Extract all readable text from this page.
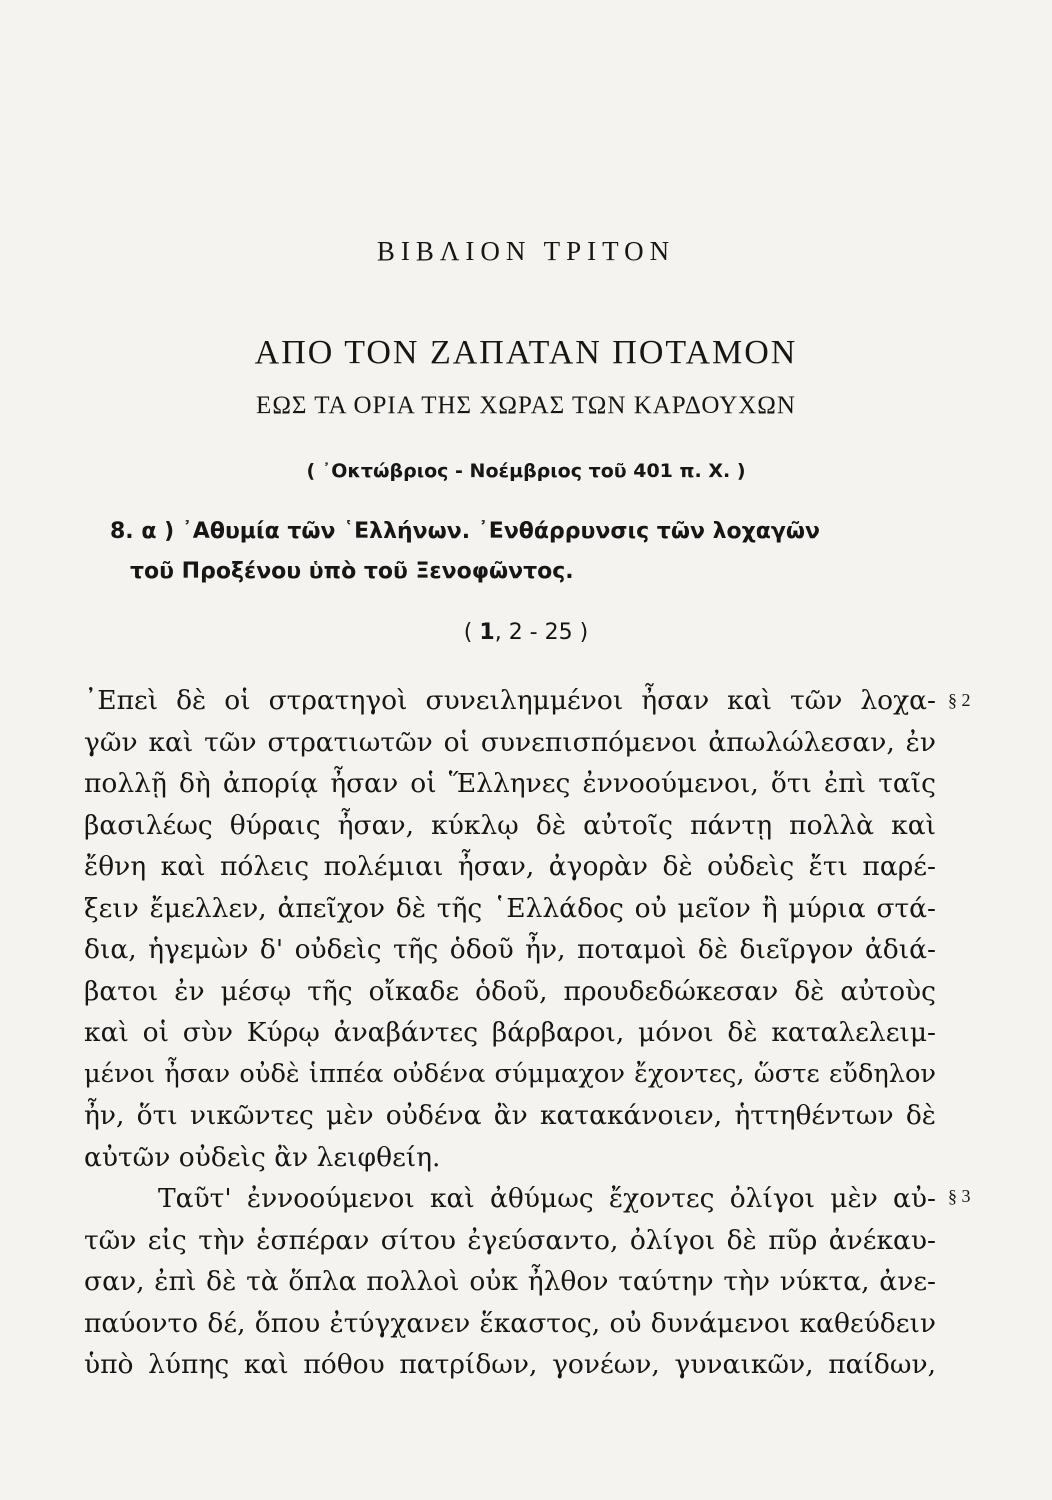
ΒΙΒΛΙΟΝ ΤΡΙΤΟΝ
ΑΠΟ ΤΟΝ ΖΑΠΑΤΑΝ ΠΟΤΑΜΟΝ
ΕΩΣ ΤΑ ΟΡΙΑ ΤΗΣ ΧΩΡΑΣ ΤΩΝ ΚΑΡΔΟΥΧΩΝ
( ᾿Οκτώβριος - Νοέμβριος τοῦ 401 π. Χ. )
8. α ) ᾿Αθυμία τῶν ῾Ελλήνων. ᾿Ενθάρρυνσις τῶν λοχαγῶν
τοῦ Προξένου ὑπὸ τοῦ Ξενοφῶντος.
( 1, 2 - 25 )
᾿Επεὶ δὲ οἱ στρατηγοὶ συνειλημμένοι ἦσαν καὶ τῶν λοχα-
γῶν καὶ τῶν στρατιωτῶν οἱ συνεπισπόμενοι ἀπωλώλεσαν, ἐν
πολλῇ δὴ ἀπορίᾳ ἦσαν οἱ Ἕλληνες ἐννοούμενοι, ὅτι ἐπὶ ταῖς
βασιλέως θύραις ἦσαν, κύκλῳ δὲ αὐτοῖς πάντῃ πολλὰ καὶ
ἔθνη καὶ πόλεις πολέμιαι ἦσαν, ἀγορὰν δὲ οὐδεὶς ἔτι παρέ-
ξειν ἔμελλεν, ἀπεῖχον δὲ τῆς ῾Ελλάδος οὐ μεῖον ἢ μύρια στά-
δια, ἡγεμὼν δ' οὐδεὶς τῆς ὁδοῦ ἦν, ποταμοὶ δὲ διεῖργον ἀδιά-
βατοι ἐν μέσῳ τῆς οἴκαδε ὁδοῦ, προυδεδώκεσαν δὲ αὐτοὺς
καὶ οἱ σὺν Κύρῳ ἀναβάντες βάρβαροι, μόνοι δὲ καταλελειμ-
μένοι ἦσαν οὐδὲ ἱππέα οὐδένα σύμμαχον ἔχοντες, ὥστε εὔδηλον
ἦν, ὅτι νικῶντες μὲν οὐδένα ἂν κατακάνοιεν, ἡττηθέντων δὲ
αὐτῶν οὐδεὶς ἂν λειφθείη.
§ 2
Ταῦτ' ἐννοούμενοι καὶ ἀθύμως ἔχοντες ὀλίγοι μὲν αὐ-
τῶν εἰς τὴν ἑσπέραν σίτου ἐγεύσαντο, ὀλίγοι δὲ πῦρ ἀνέκαυ-
σαν, ἐπὶ δὲ τὰ ὅπλα πολλοὶ οὐκ ἦλθον ταύτην τὴν νύκτα, ἀνε-
παύοντο δέ, ὅπου ἐτύγχανεν ἕκαστος, οὐ δυνάμενοι καθεύδειν
ὑπὸ λύπης καὶ πόθου πατρίδων, γονέων, γυναικῶν, παίδων,
§ 3
